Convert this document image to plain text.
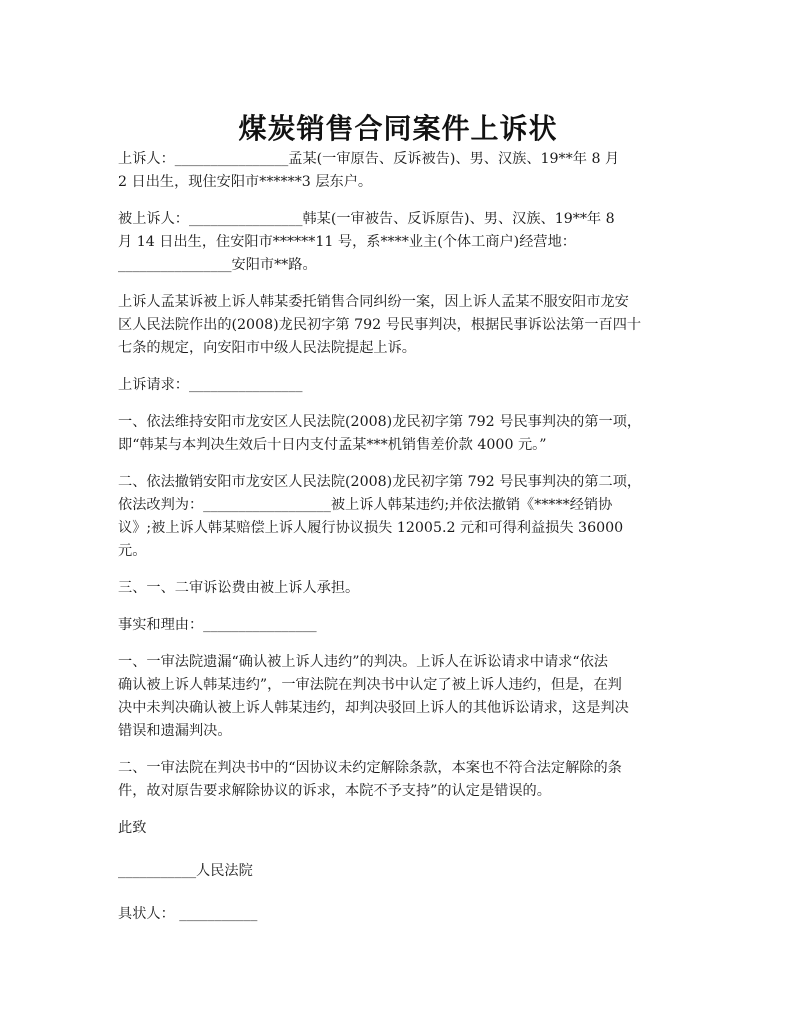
煤炭销售合同案件上诉状

上诉人：________________孟某(一审原告、反诉被告)、男、汉族、19**年 8 月
2 日出生，现住安阳市******3 层东户。

被上诉人：________________韩某(一审被告、反诉原告)、男、汉族、19**年 8
月 14 日出生，住安阳市******11 号，系****业主(个体工商户)经营地：
________________安阳市**路。

上诉人孟某诉被上诉人韩某委托销售合同纠纷一案，因上诉人孟某不服安阳市龙安
区人民法院作出的(2008)龙民初字第 792 号民事判决，根据民事诉讼法第一百四十
七条的规定，向安阳市中级人民法院提起上诉。

上诉请求：________________

一、依法维持安阳市龙安区人民法院(2008)龙民初字第 792 号民事判决的第一项，
即“韩某与本判决生效后十日内支付孟某***机销售差价款 4000 元。”

二、依法撤销安阳市龙安区人民法院(2008)龙民初字第 792 号民事判决的第二项，
依法改判为：__________________被上诉人韩某违约;并依法撤销《*****经销协
议》;被上诉人韩某赔偿上诉人履行协议损失 12005.2 元和可得利益损失 36000
元。

三、一、二审诉讼费由被上诉人承担。

事实和理由：________________

一、一审法院遗漏“确认被上诉人违约”的判决。上诉人在诉讼请求中请求“依法
确认被上诉人韩某违约”，一审法院在判决书中认定了被上诉人违约，但是，在判
决中未判决确认被上诉人韩某违约，却判决驳回上诉人的其他诉讼请求，这是判决
错误和遗漏判决。

二、一审法院在判决书中的“因协议未约定解除条款，本案也不符合法定解除的条
件，故对原告要求解除协议的诉求，本院不予支持”的认定是错误的。

此致

___________人民法院

具状人： ___________
